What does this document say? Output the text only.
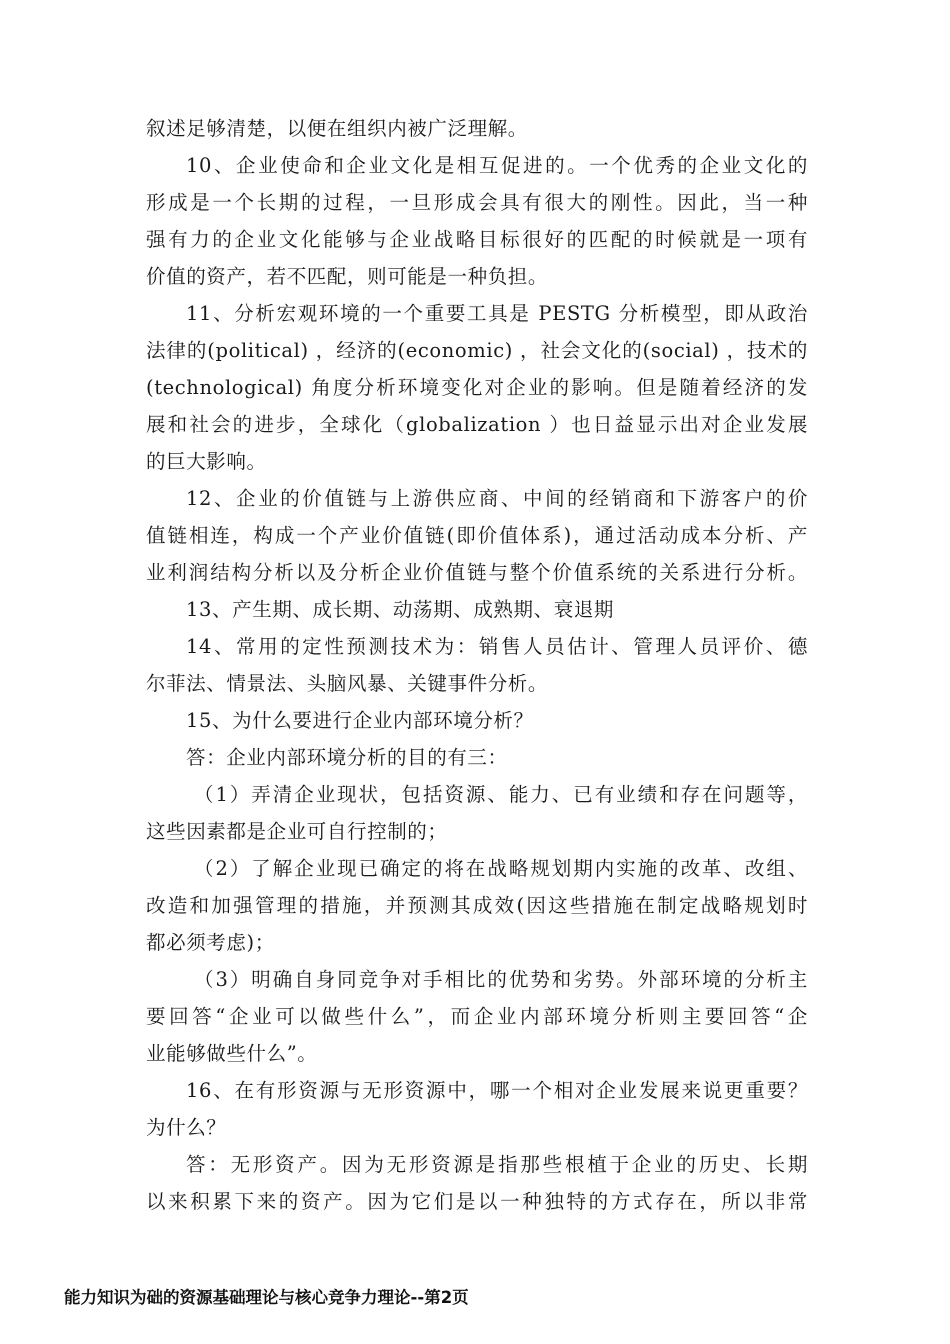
叙述足够清楚，以便在组织内被广泛理解。
10、企业使命和企业文化是相互促进的。一个优秀的企业文化的
形成是一个长期的过程，一旦形成会具有很大的刚性。因此，当一种
强有力的企业文化能够与企业战略目标很好的匹配的时候就是一项有
价值的资产，若不匹配，则可能是一种负担。
11、分析宏观环境的一个重要工具是 PESTG 分析模型，即从政治
法律的(political) ，经济的(economic) ，社会文化的(social) ，技术的
(technological) 角度分析环境变化对企业的影响。但是随着经济的发
展和社会的进步，全球化（globalization ）也日益显示出对企业发展
的巨大影响。
12、企业的价值链与上游供应商、中间的经销商和下游客户的价
值链相连，构成一个产业价值链(即价值体系)，通过活动成本分析、产
业利润结构分析以及分析企业价值链与整个价值系统的关系进行分析。
13、产生期、成长期、动荡期、成熟期、衰退期
14、常用的定性预测技术为：销售人员估计、管理人员评价、德
尔菲法、情景法、头脑风暴、关键事件分析。
15、为什么要进行企业内部环境分析？
答：企业内部环境分析的目的有三：
（1）弄清企业现状，包括资源、能力、已有业绩和存在问题等，
这些因素都是企业可自行控制的；
（2）了解企业现已确定的将在战略规划期内实施的改革、改组、
改造和加强管理的措施，并预测其成效(因这些措施在制定战略规划时
都必须考虑)；
（3）明确自身同竞争对手相比的优势和劣势。外部环境的分析主
要回答“企业可以做些什么”，而企业内部环境分析则主要回答“企
业能够做些什么”。
16、在有形资源与无形资源中，哪一个相对企业发展来说更重要？
为什么？
答：无形资产。因为无形资源是指那些根植于企业的历史、长期
以来积累下来的资产。因为它们是以一种独特的方式存在，所以非常
能力知识为础的资源基础理论与核心竞争力理论--第2页
